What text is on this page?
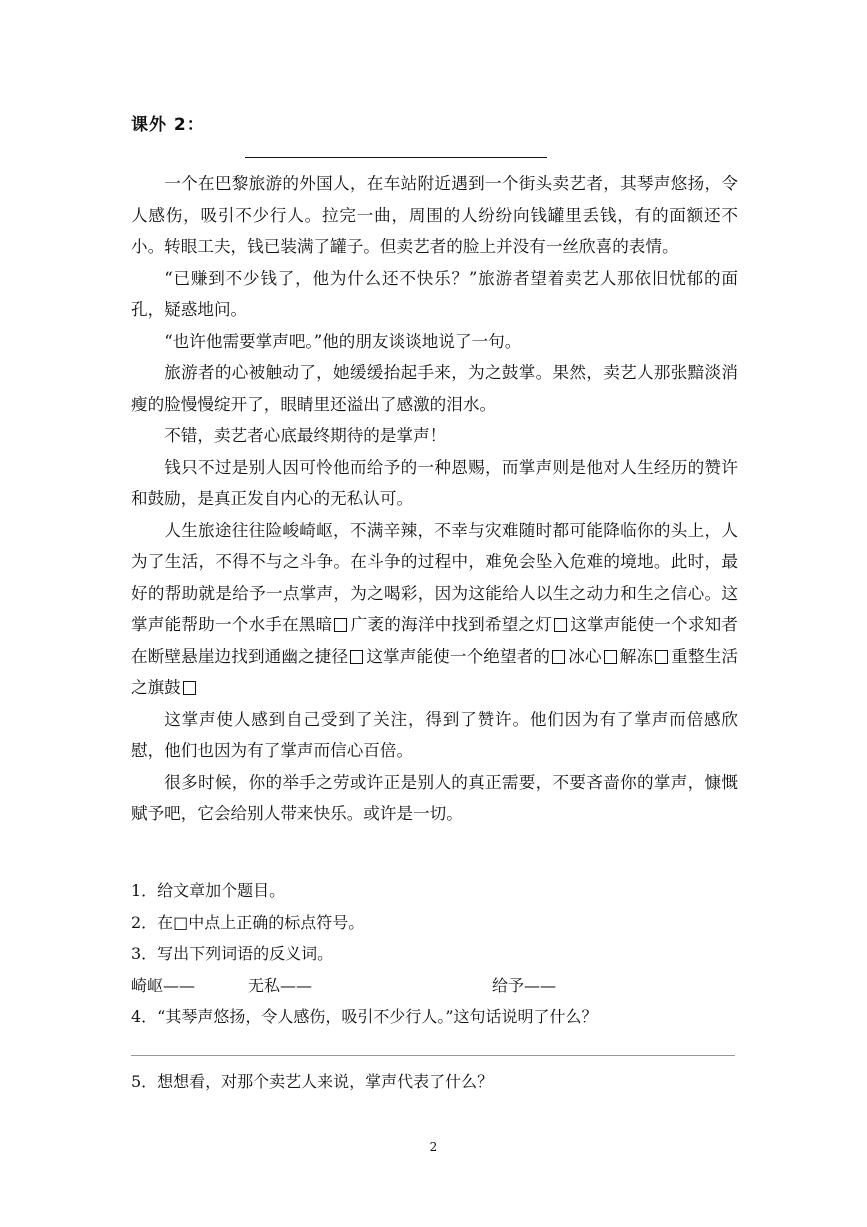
课外 2：

一个在巴黎旅游的外国人，在车站附近遇到一个街头卖艺者，其琴声悠扬，令人感伤，吸引不少行人。拉完一曲，周围的人纷纷向钱罐里丢钱，有的面额还不小。转眼工夫，钱已装满了罐子。但卖艺者的脸上并没有一丝欣喜的表情。

“已赚到不少钱了，他为什么还不快乐？”旅游者望着卖艺人那依旧忧郁的面孔，疑惑地问。

“也许他需要掌声吧。”他的朋友谈谈地说了一句。

旅游者的心被触动了，她缓缓抬起手来，为之鼓掌。果然，卖艺人那张黯淡消瘦的脸慢慢绽开了，眼睛里还溢出了感激的泪水。

不错，卖艺者心底最终期待的是掌声！

钱只不过是别人因可怜他而给予的一种恩赐，而掌声则是他对人生经历的赞许和鼓励，是真正发自内心的无私认可。

人生旅途往往险峻崎岖，不满辛辣，不幸与灾难随时都可能降临你的头上，人为了生活，不得不与之斗争。在斗争的过程中，难免会坠入危难的境地。此时，最好的帮助就是给予一点掌声，为之喝彩，因为这能给人以生之动力和生之信心。这掌声能帮助一个水手在黑暗 广袤的海洋中找到希望之灯 这掌声能使一个求知者在断壁悬崖边找到通幽之捷径 这掌声能使一个绝望者的 冰心 解冻 重整生活之旗鼓

这掌声使人感到自己受到了关注，得到了赞许。他们因为有了掌声而倍感欣慰，他们也因为有了掌声而信心百倍。

很多时候，你的举手之劳或许正是别人的真正需要，不要吝啬你的掌声，慷慨赋予吧，它会给别人带来快乐。或许是一切。

1．给文章加个题目。

2．在□中点上正确的标点符号。

3．写出下列词语的反义词。

崎岖——	无私——	给予——

4．“其琴声悠扬，令人感伤，吸引不少行人。”这句话说明了什么？

5．想想看，对那个卖艺人来说，掌声代表了什么？
2
